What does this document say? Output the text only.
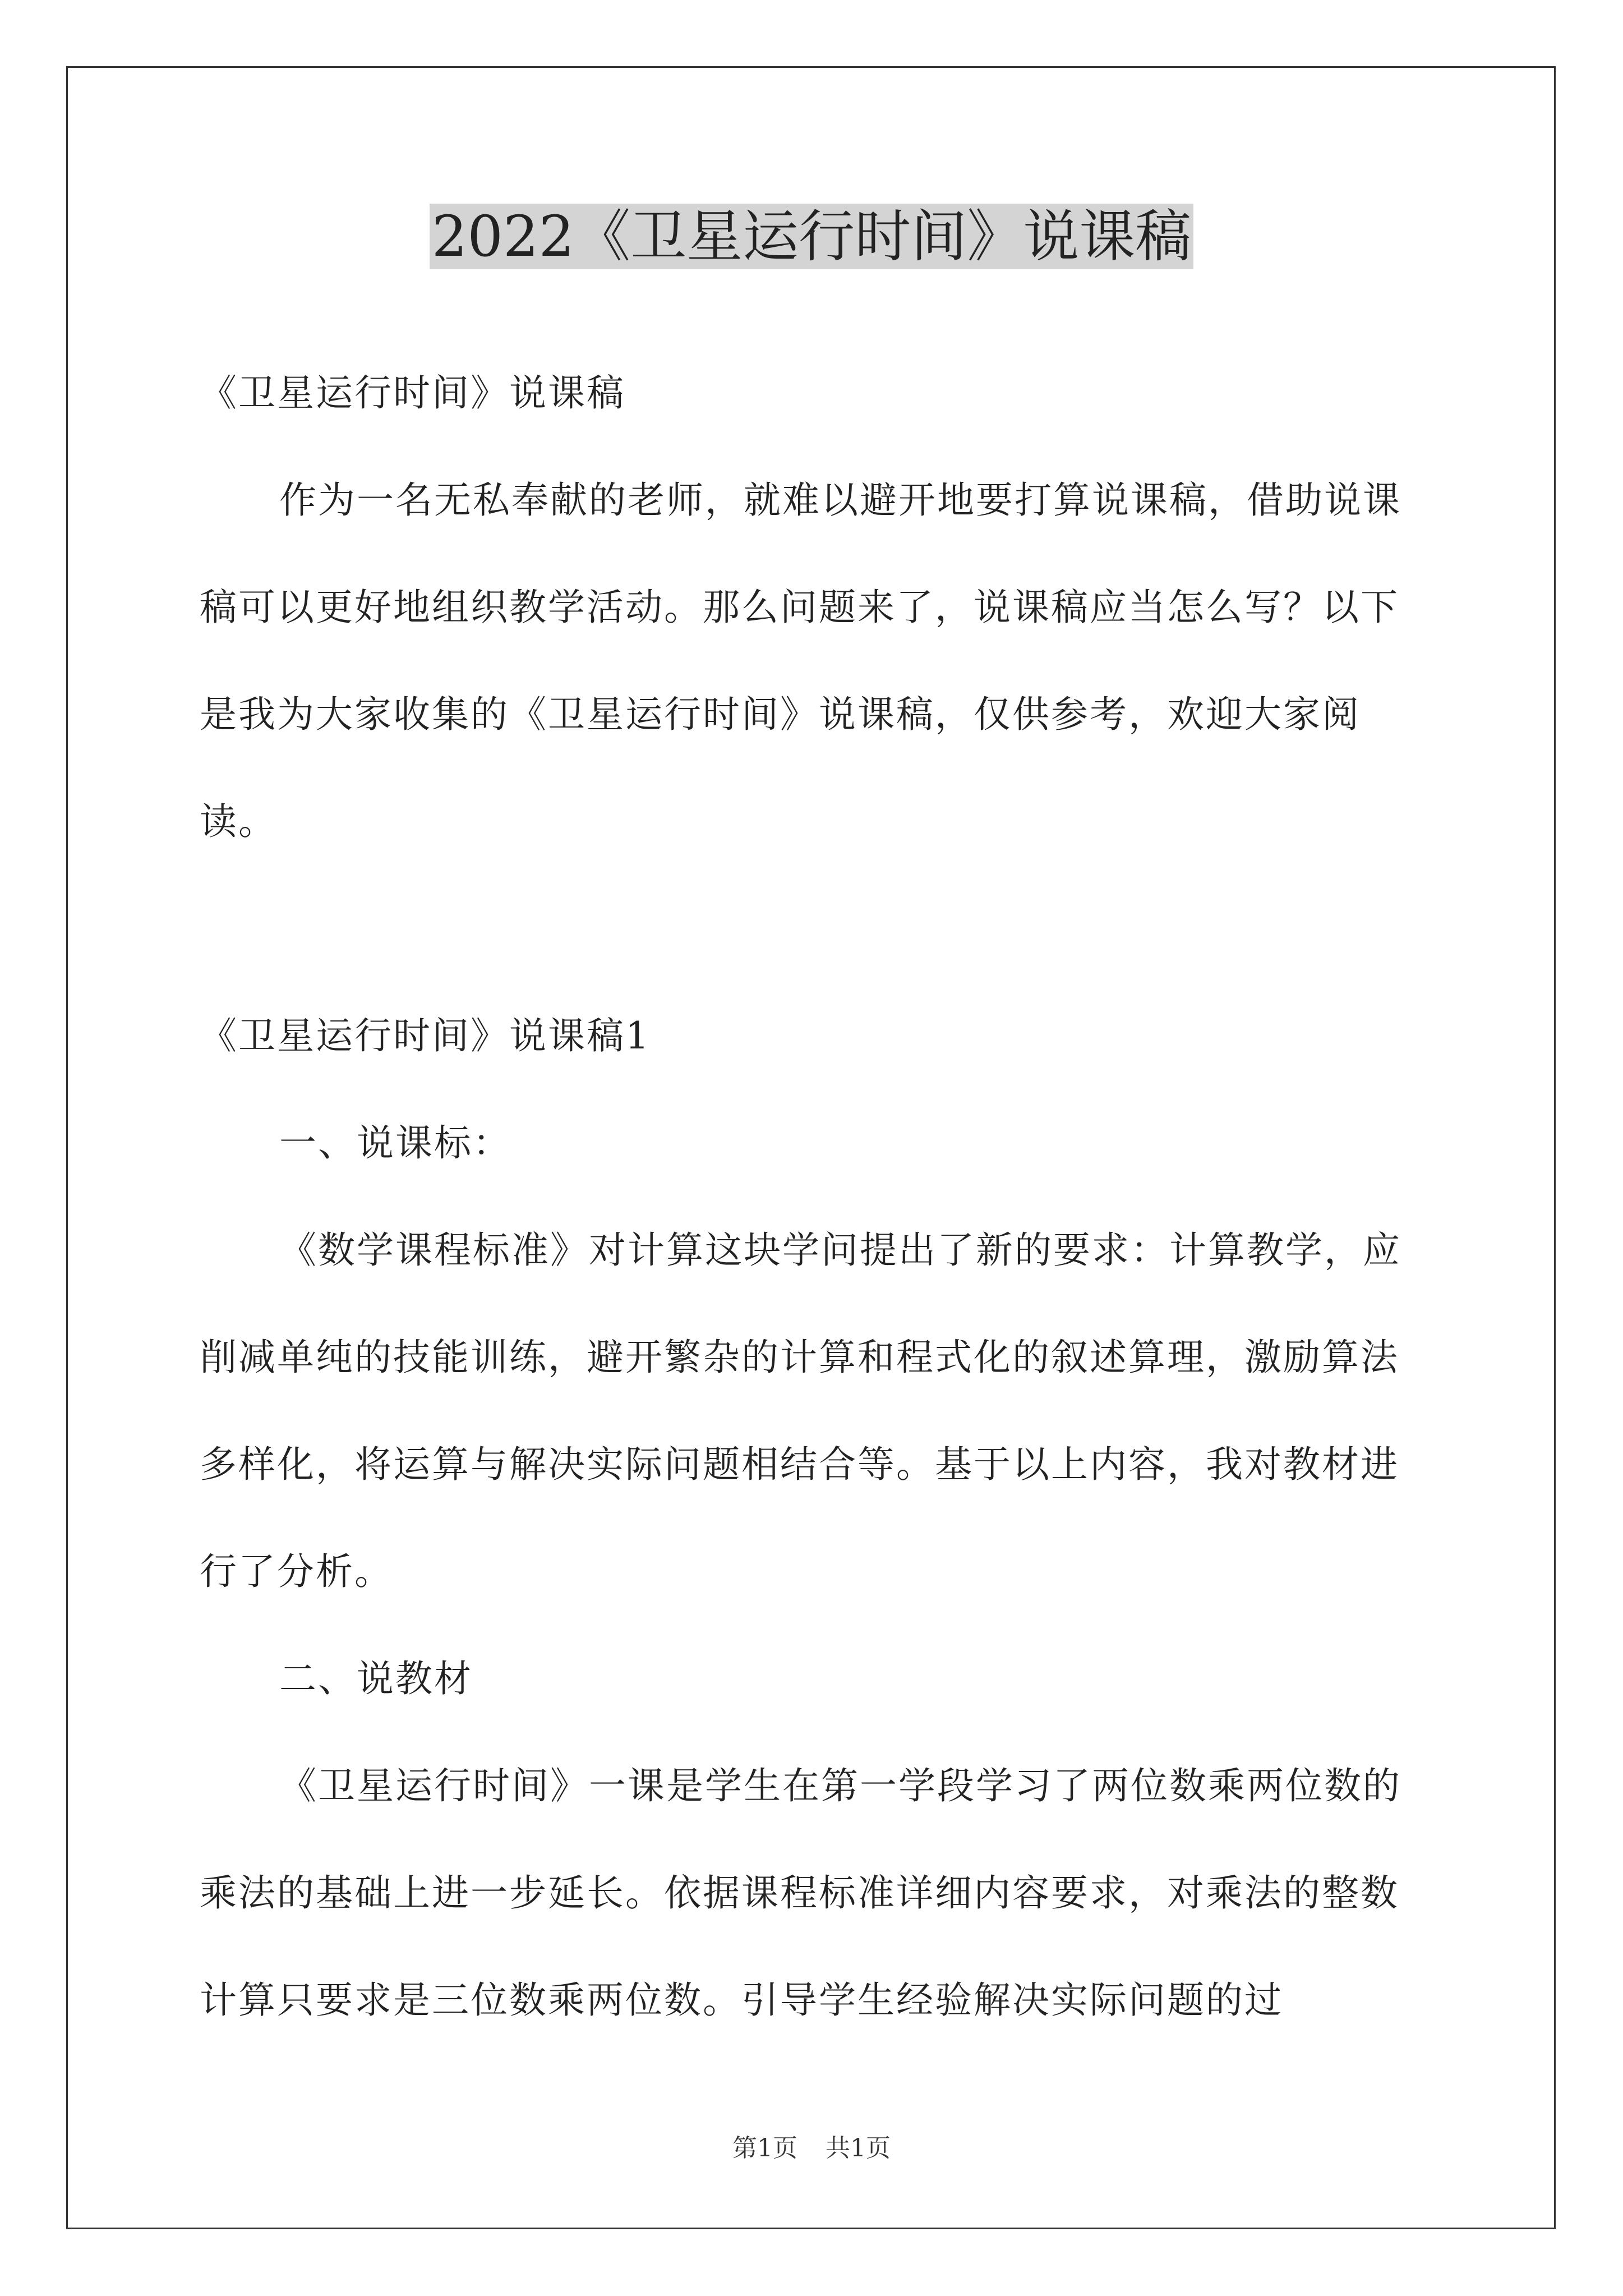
2022《卫星运行时间》说课稿

《卫星运行时间》说课稿

作为一名无私奉献的老师，就难以避开地要打算说课稿，借助说课稿可以更好地组织教学活动。那么问题来了，说课稿应当怎么写？以下是我为大家收集的《卫星运行时间》说课稿，仅供参考，欢迎大家阅读。

《卫星运行时间》说课稿1

一、说课标：

《数学课程标准》对计算这块学问提出了新的要求：计算教学，应削减单纯的技能训练，避开繁杂的计算和程式化的叙述算理，激励算法多样化，将运算与解决实际问题相结合等。基于以上内容，我对教材进行了分析。

二、说教材

《卫星运行时间》一课是学生在第一学段学习了两位数乘两位数的乘法的基础上进一步延长。依据课程标准详细内容要求，对乘法的整数计算只要求是三位数乘两位数。引导学生经验解决实际问题的过

第1页 共1页
